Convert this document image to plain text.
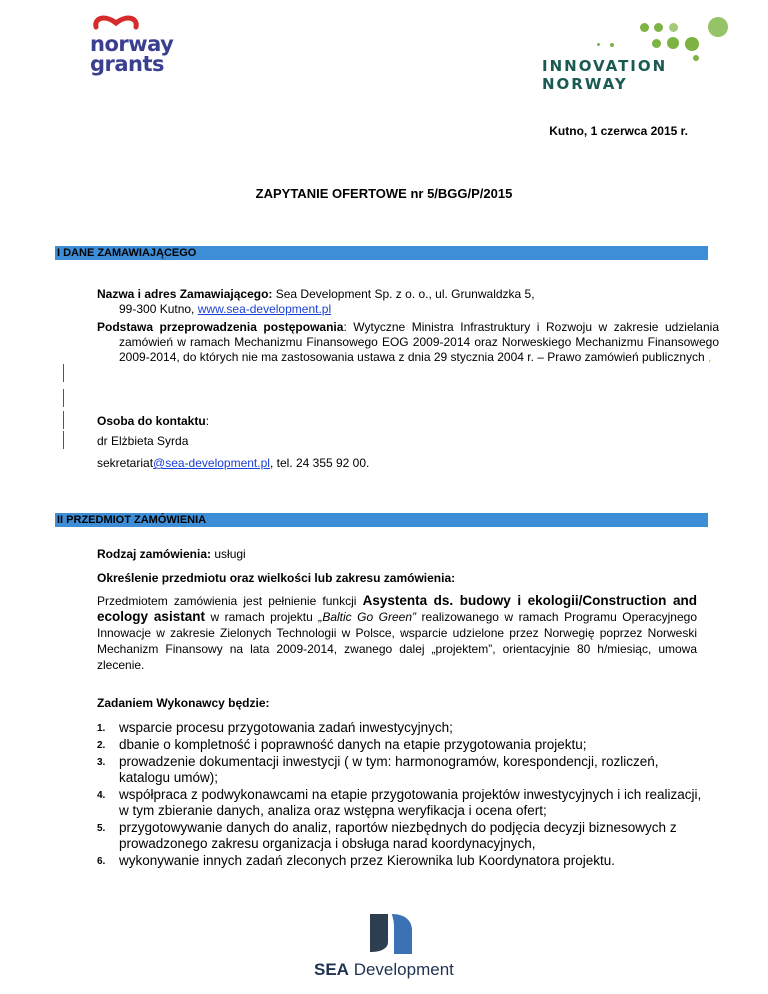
norway
grants	INNOVATION
NORWAY
Kutno, 1 czerwca 2015 r.
ZAPYTANIE OFERTOWE nr 5/BGG/P/2015
I DANE ZAMAWIAJĄCEGO
Nazwa i adres Zamawiającego: Sea Development Sp. z o. o., ul. Grunwaldzka 5,
99-300 Kutno, www.sea-development.pl
Podstawa przeprowadzenia postępowania: Wytyczne Ministra Infrastruktury i Rozwoju w zakresie udzielania zamówień w ramach Mechanizmu Finansowego EOG 2009-2014 oraz Norweskiego Mechanizmu Finansowego 2009-2014, do których nie ma zastosowania ustawa z dnia 29 stycznia 2004 r. – Prawo zamówień publicznych ,
Osoba do kontaktu:
dr Elżbieta Syrda
sekretariat@sea-development.pl, tel. 24 355 92 00.
II PRZEDMIOT ZAMÓWIENIA
Rodzaj zamówienia: usługi
Określenie przedmiotu oraz wielkości lub zakresu zamówienia:
Przedmiotem zamówienia jest pełnienie funkcji Asystenta ds. budowy i ekologii/Construction and ecology asistant w ramach projektu „Baltic Go Green” realizowanego w ramach Programu Operacyjnego Innowacje w zakresie Zielonych Technologii w Polsce, wsparcie udzielone przez Norwegię poprzez Norweski Mechanizm Finansowy na lata 2009-2014, zwanego dalej „projektem”, orientacyjnie 80 h/miesiąc, umowa zlecenie.
Zadaniem Wykonawcy będzie:
1. wsparcie procesu przygotowania zadań inwestycyjnych;
2. dbanie o kompletność i poprawność danych na etapie przygotowania projektu;
3. prowadzenie dokumentacji inwestycji ( w tym: harmonogramów, korespondencji, rozliczeń, katalogu umów);
4. współpraca z podwykonawcami na etapie przygotowania projektów inwestycyjnych i ich realizacji, w tym zbieranie danych, analiza oraz wstępna weryfikacja i ocena ofert;
5. przygotowywanie danych do analiz, raportów niezbędnych do podjęcia decyzji biznesowych z prowadzonego zakresu organizacja i obsługa narad koordynacyjnych,
6. wykonywanie innych zadań zleconych przez Kierownika lub Koordynatora projektu.
SEA Development
